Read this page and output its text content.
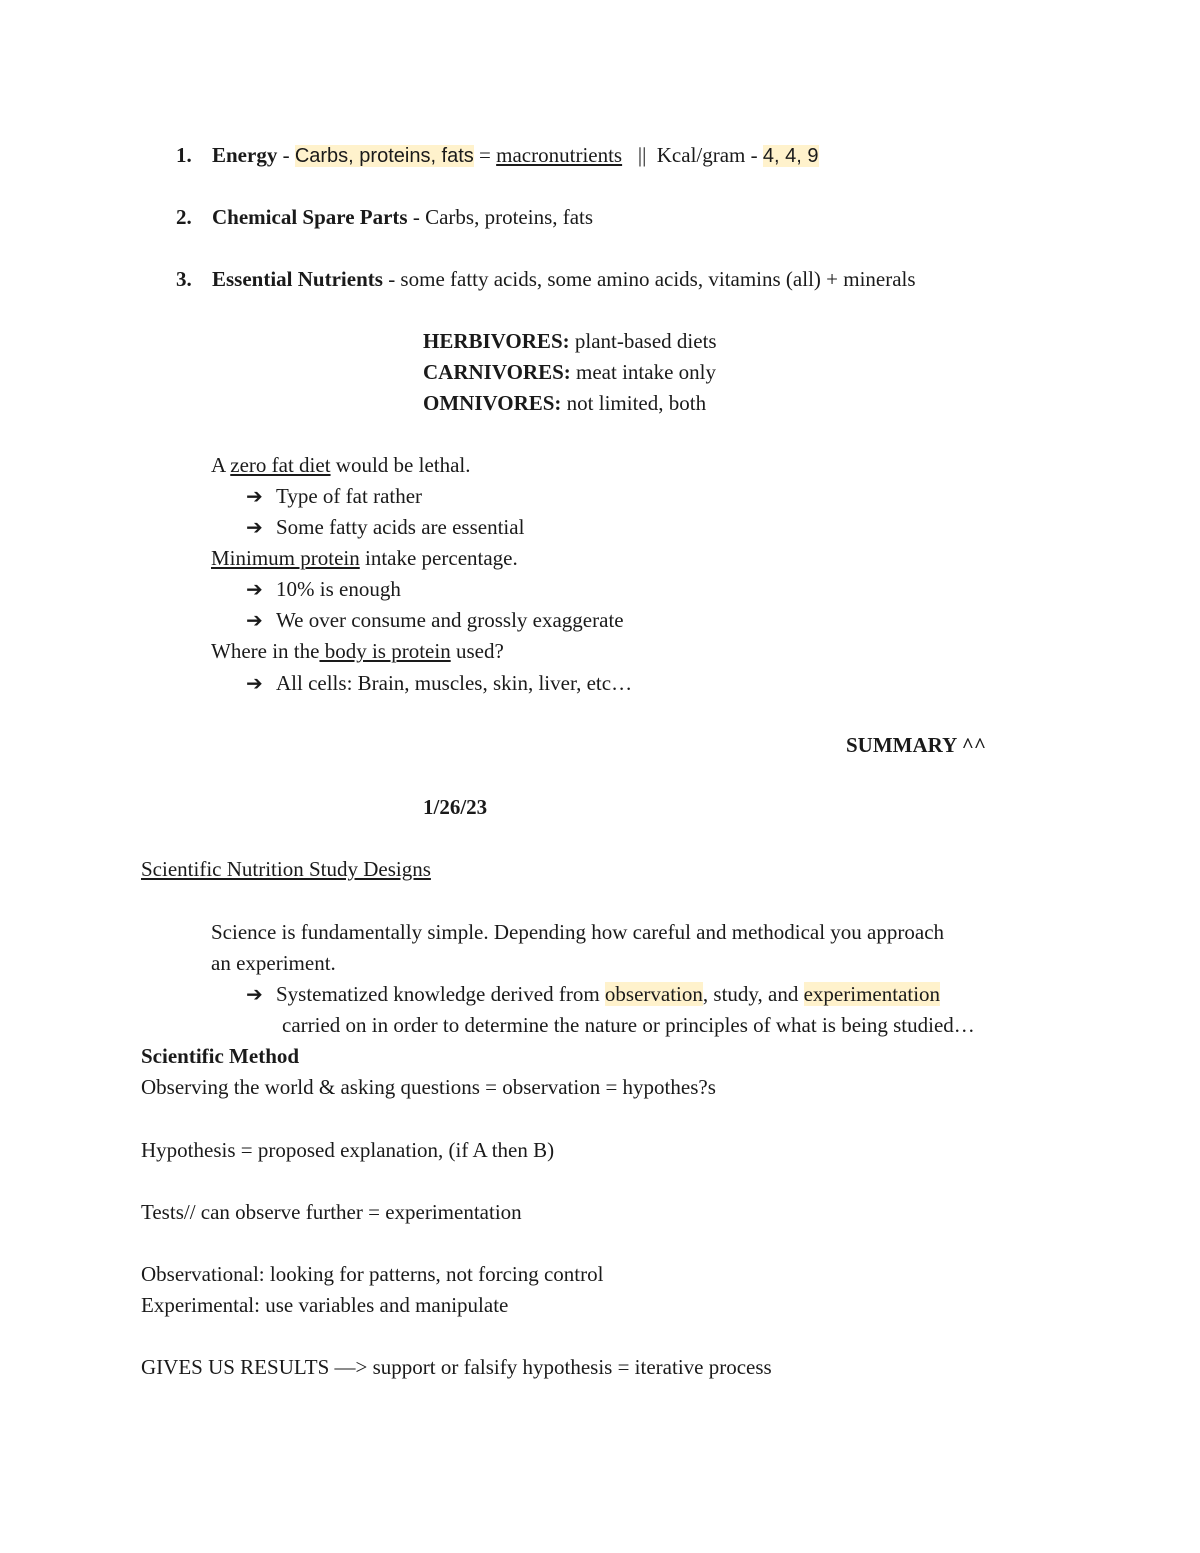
1. Energy - Carbs, proteins, fats = macronutrients   ||  Kcal/gram - 4, 4, 9
2. Chemical Spare Parts - Carbs, proteins, fats
3. Essential Nutrients - some fatty acids, some amino acids, vitamins (all) + minerals
HERBIVORES: plant-based diets
CARNIVORES: meat intake only
OMNIVORES: not limited, both
A zero fat diet would be lethal.
➔ Type of fat rather
➔ Some fatty acids are essential
Minimum protein intake percentage.
➔ 10% is enough
➔ We over consume and grossly exaggerate
Where in the body is protein used?
➔ All cells: Brain, muscles, skin, liver, etc…
SUMMARY ^^
1/26/23
Scientific Nutrition Study Designs
Science is fundamentally simple. Depending how careful and methodical you approach
an experiment.
➔ Systematized knowledge derived from observation, study, and experimentation
carried on in order to determine the nature or principles of what is being studied…
Scientific Method
Observing the world & asking questions = observation = hypothes?s
Hypothesis = proposed explanation, (if A then B)
Tests// can observe further = experimentation
Observational: looking for patterns, not forcing control
Experimental: use variables and manipulate
GIVES US RESULTS —> support or falsify hypothesis = iterative process
